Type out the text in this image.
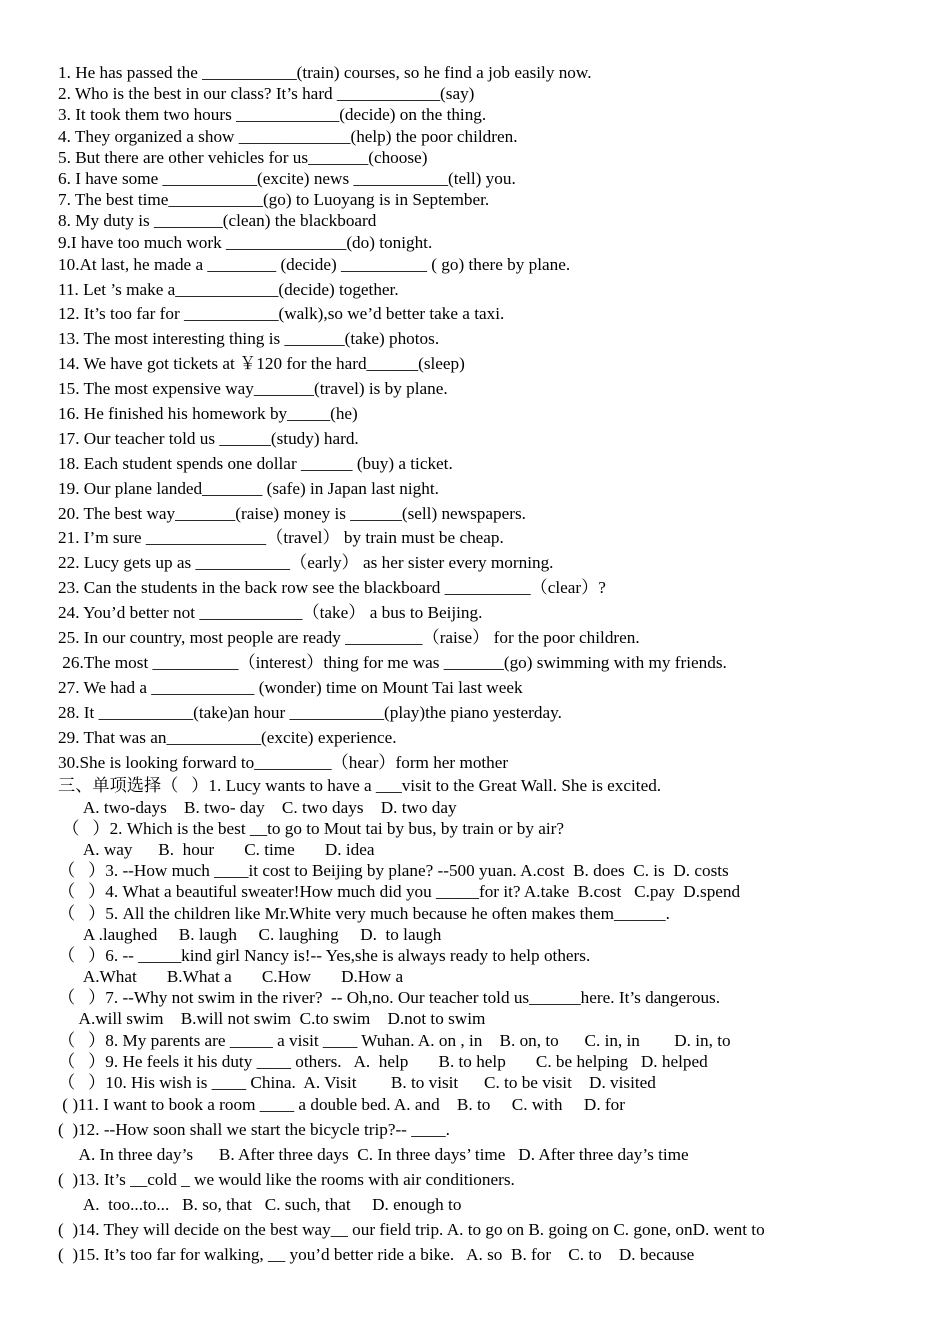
1. He has passed the ___________(train) courses, so he find a job easily now.
2. Who is the best in our class? It’s hard ____________(say)
3. It took them two hours ____________(decide) on the thing.
4. They organized a show _____________(help) the poor children.
5. But there are other vehicles for us_______(choose)
6. I have some ___________(excite) news ___________(tell) you.
7. The best time___________(go) to Luoyang is in September.
8. My duty is ________(clean) the blackboard
9.I have too much work ______________(do) tonight.
10.At last, he made a ________ (decide) __________ ( go) there by plane.
11. Let ’s make a____________(decide) together.
12. It’s too far for ___________(walk),so we’d better take a taxi.
13. The most interesting thing is _______(take) photos.
14. We have got tickets at ￥120 for the hard______(sleep)
15. The most expensive way_______(travel) is by plane.
16. He finished his homework by_____(he)
17. Our teacher told us ______(study) hard.
18. Each student spends one dollar ______ (buy) a ticket.
19. Our plane landed_______ (safe) in Japan last night.
20. The best way_______(raise) money is ______(sell) newspapers.
21. I’m sure ______________（travel） by train must be cheap.
22. Lucy gets up as ___________（early） as her sister every morning.
23. Can the students in the back row see the blackboard __________（clear）?
24. You’d better not ____________（take） a bus to Beijing.
25. In our country, most people are ready _________（raise） for the poor children.
26.The most __________（interest）thing for me was _______(go) swimming with my friends.
27. We had a ____________ (wonder) time on Mount Tai last week
28. It ___________(take)an hour ___________(play)the piano yesterday.
29. That was an___________(excite) experience.
30.She is looking forward to_________（hear）form her mother
三、单项选择（   ）1. Lucy wants to have a ___visit to the Great Wall. She is excited.
A. two-days    B. two- day    C. two days    D. two day
（   ）2. Which is the best __to go to Mout tai by bus, by train or by air?
A. way      B.  hour       C. time       D. idea
（   ）3. --How much ____it cost to Beijing by plane? --500 yuan. A.cost  B. does  C. is  D. costs
（   ）4. What a beautiful sweater!How much did you _____for it? A.take  B.cost   C.pay  D.spend
（   ）5. All the children like Mr.White very much because he often makes them______.
A .laughed     B. laugh     C. laughing     D.  to laugh
（   ）6. -- _____kind girl Nancy is!-- Yes,she is always ready to help others.
A.What       B.What a       C.How       D.How a
（   ）7. --Why not swim in the river?  -- Oh,no. Our teacher told us______here. It’s dangerous.
A.will swim    B.will not swim  C.to swim    D.not to swim
（   ）8. My parents are _____ a visit ____ Wuhan. A. on , in    B. on, to      C. in, in        D. in, to
（   ）9. He feels it his duty ____ others.   A.  help       B. to help       C. be helping   D. helped
（   ）10. His wish is ____ China.  A. Visit        B. to visit      C. to be visit    D. visited
( )11. I want to book a room ____ a double bed. A. and    B. to     C. with     D. for
(  )12. --How soon shall we start the bicycle trip?-- ____.
A. In three day’s      B. After three days  C. In three days’ time   D. After three day’s time
(  )13. It’s __cold _ we would like the rooms with air conditioners.
A.  too...to...   B. so, that   C. such, that     D. enough to
(  )14. They will decide on the best way__ our field trip. A. to go on B. going on C. gone, onD. went to
(  )15. It’s too far for walking, __ you’d better ride a bike.   A. so  B. for    C. to    D. because
